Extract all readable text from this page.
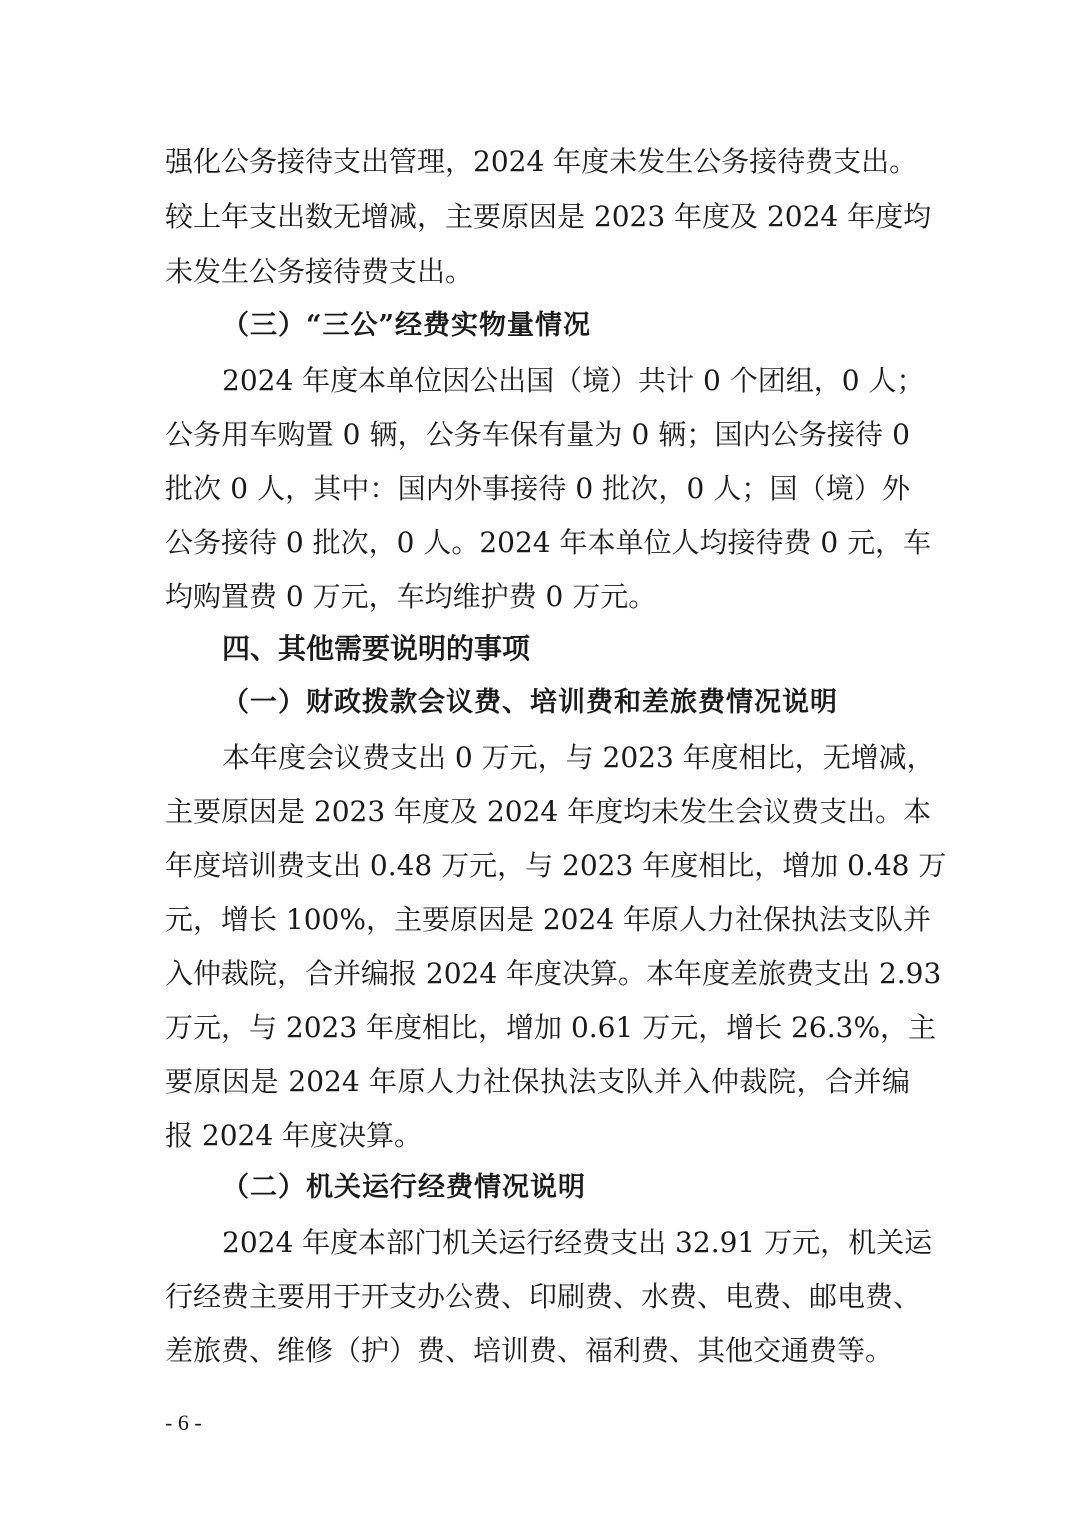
强化公务接待支出管理，2024 年度未发生公务接待费支出。
较上年支出数无增减，主要原因是 2023 年度及 2024 年度均
未发生公务接待费支出。
（三）“三公”经费实物量情况
2024 年度本单位因公出国（境）共计 0 个团组，0 人；
公务用车购置 0 辆，公务车保有量为 0 辆；国内公务接待 0
批次 0 人，其中：国内外事接待 0 批次，0 人；国（境）外
公务接待 0 批次，0 人。2024 年本单位人均接待费 0 元，车
均购置费 0 万元，车均维护费 0 万元。
四、其他需要说明的事项
（一）财政拨款会议费、培训费和差旅费情况说明
本年度会议费支出 0 万元，与 2023 年度相比，无增减，
主要原因是 2023 年度及 2024 年度均未发生会议费支出。本
年度培训费支出 0.48 万元，与 2023 年度相比，增加 0.48 万
元，增长 100%，主要原因是 2024 年原人力社保执法支队并
入仲裁院，合并编报 2024 年度决算。本年度差旅费支出 2.93
万元，与 2023 年度相比，增加 0.61 万元，增长 26.3%，主
要原因是 2024 年原人力社保执法支队并入仲裁院，合并编
报 2024 年度决算。
（二）机关运行经费情况说明
2024 年度本部门机关运行经费支出 32.91 万元，机关运
行经费主要用于开支办公费、印刷费、水费、电费、邮电费、
差旅费、维修（护）费、培训费、福利费、其他交通费等。
- 6 -
